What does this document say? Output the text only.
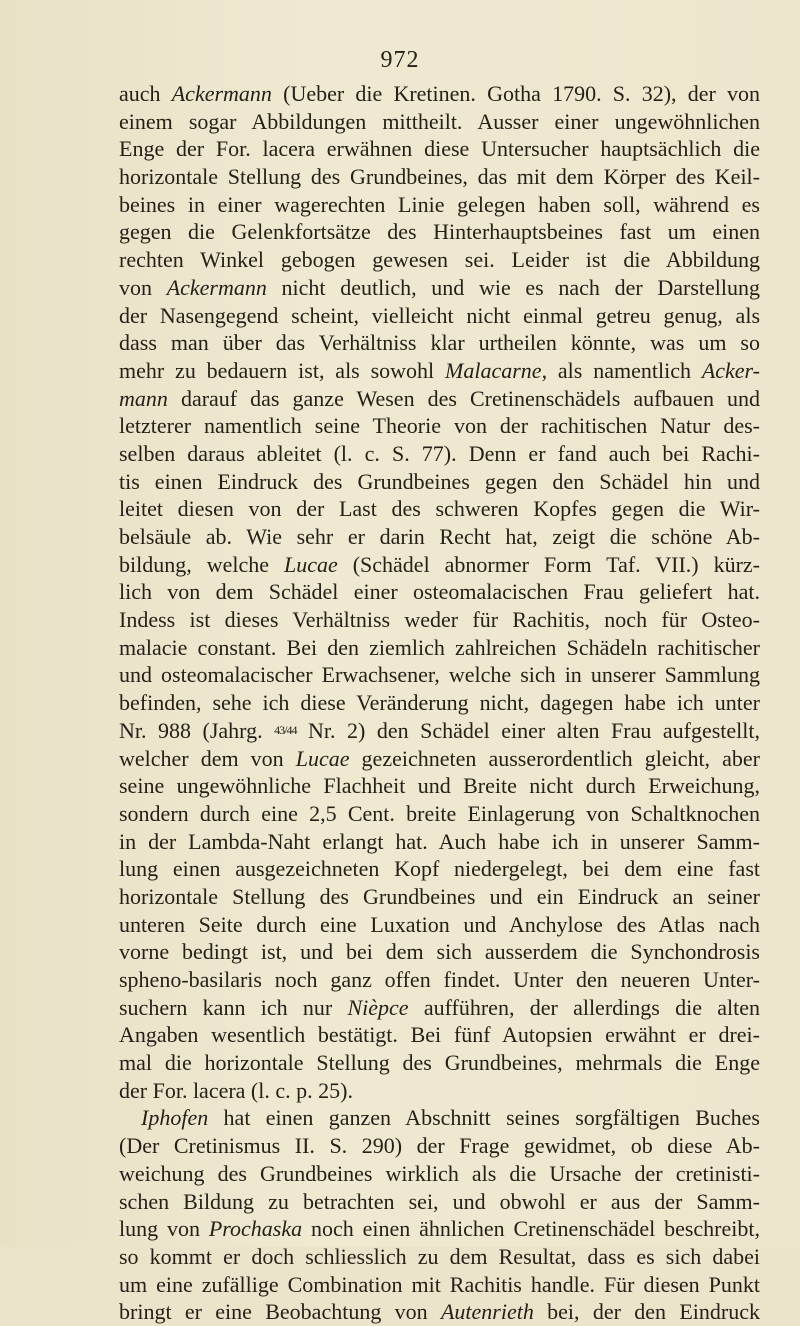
972
auch Ackermann (Ueber die Kretinen. Gotha 1790. S. 32), der von
einem sogar Abbildungen mittheilt. Ausser einer ungewöhnlichen
Enge der For. lacera erwähnen diese Untersucher hauptsächlich die
horizontale Stellung des Grundbeines, das mit dem Körper des Keil-
beines in einer wagerechten Linie gelegen haben soll, während es
gegen die Gelenkfortsätze des Hinterhauptsbeines fast um einen
rechten Winkel gebogen gewesen sei. Leider ist die Abbildung
von Ackermann nicht deutlich, und wie es nach der Darstellung
der Nasengegend scheint, vielleicht nicht einmal getreu genug, als
dass man über das Verhältniss klar urtheilen könnte, was um so
mehr zu bedauern ist, als sowohl Malacarne, als namentlich Acker-
mann darauf das ganze Wesen des Cretinenschädels aufbauen und
letzterer namentlich seine Theorie von der rachitischen Natur des-
selben daraus ableitet (l. c. S. 77). Denn er fand auch bei Rachi-
tis einen Eindruck des Grundbeines gegen den Schädel hin und
leitet diesen von der Last des schweren Kopfes gegen die Wir-
belsäule ab. Wie sehr er darin Recht hat, zeigt die schöne Ab-
bildung, welche Lucae (Schädel abnormer Form Taf. VII.) kürz-
lich von dem Schädel einer osteomalacischen Frau geliefert hat.
Indess ist dieses Verhältniss weder für Rachitis, noch für Osteo-
malacie constant. Bei den ziemlich zahlreichen Schädeln rachitischer
und osteomalacischer Erwachsener, welche sich in unserer Sammlung
befinden, sehe ich diese Veränderung nicht, dagegen habe ich unter
Nr. 988 (Jahrg. 43/44 Nr. 2) den Schädel einer alten Frau aufgestellt,
welcher dem von Lucae gezeichneten ausserordentlich gleicht, aber
seine ungewöhnliche Flachheit und Breite nicht durch Erweichung,
sondern durch eine 2,5 Cent. breite Einlagerung von Schaltknochen
in der Lambda-Naht erlangt hat. Auch habe ich in unserer Samm-
lung einen ausgezeichneten Kopf niedergelegt, bei dem eine fast
horizontale Stellung des Grundbeines und ein Eindruck an seiner
unteren Seite durch eine Luxation und Anchylose des Atlas nach
vorne bedingt ist, und bei dem sich ausserdem die Synchondrosis
spheno-basilaris noch ganz offen findet. Unter den neueren Unter-
suchern kann ich nur Nièpce aufführen, der allerdings die alten
Angaben wesentlich bestätigt. Bei fünf Autopsien erwähnt er drei-
mal die horizontale Stellung des Grundbeines, mehrmals die Enge
der For. lacera (l. c. p. 25).
Iphofen hat einen ganzen Abschnitt seines sorgfältigen Buches
(Der Cretinismus II. S. 290) der Frage gewidmet, ob diese Ab-
weichung des Grundbeines wirklich als die Ursache der cretinisti-
schen Bildung zu betrachten sei, und obwohl er aus der Samm-
lung von Prochaska noch einen ähnlichen Cretinenschädel beschreibt,
so kommt er doch schliesslich zu dem Resultat, dass es sich dabei
um eine zufällige Combination mit Rachitis handle. Für diesen Punkt
bringt er eine Beobachtung von Autenrieth bei, der den Eindruck
